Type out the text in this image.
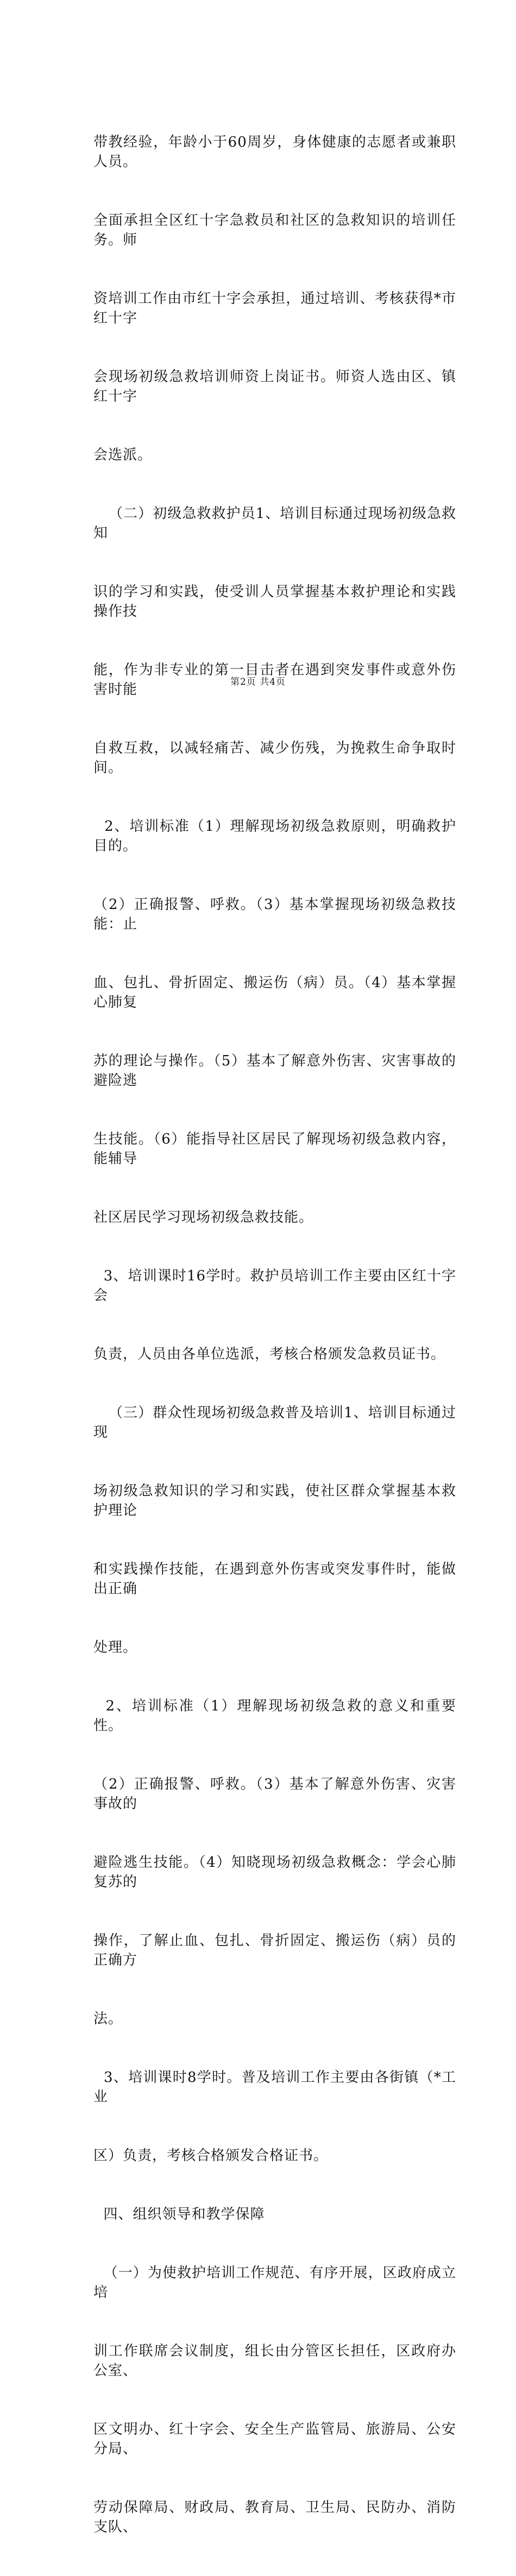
带教经验，年龄小于60周岁，身体健康的志愿者或兼职人员。

全面承担全区红十字急救员和社区的急救知识的培训任务。师

资培训工作由市红十字会承担，通过培训、考核获得*市红十字

会现场初级急救培训师资上岗证书。师资人选由区、镇红十字

会选派。

（二）初级急救救护员1、培训目标通过现场初级急救知

识的学习和实践，使受训人员掌握基本救护理论和实践操作技

能，作为非专业的第一目击者在遇到突发事件或意外伤害时能

自救互救，以减轻痛苦、减少伤残，为挽救生命争取时间。

2、培训标准（1）理解现场初级急救原则，明确救护目的。

（2）正确报警、呼救。（3）基本掌握现场初级急救技能：止

血、包扎、骨折固定、搬运伤（病）员。（4）基本掌握心肺复

苏的理论与操作。（5）基本了解意外伤害、灾害事故的避险逃

生技能。（6）能指导社区居民了解现场初级急救内容，能辅导

社区居民学习现场初级急救技能。

3、培训课时16学时。救护员培训工作主要由区红十字会

负责，人员由各单位选派，考核合格颁发急救员证书。

（三）群众性现场初级急救普及培训1、培训目标通过现

场初级急救知识的学习和实践，使社区群众掌握基本救护理论

和实践操作技能，在遇到意外伤害或突发事件时，能做出正确

处理。

2、培训标准（1）理解现场初级急救的意义和重要性。

（2）正确报警、呼救。（3）基本了解意外伤害、灾害事故的

避险逃生技能。（4）知晓现场初级急救概念：学会心肺复苏的

操作，了解止血、包扎、骨折固定、搬运伤（病）员的正确方

法。

3、培训课时8学时。普及培训工作主要由各街镇（*工业

区）负责，考核合格颁发合格证书。

四、组织领导和教学保障

（一）为使救护培训工作规范、有序开展，区政府成立培

训工作联席会议制度，组长由分管区长担任，区政府办公室、

区文明办、红十字会、安全生产监管局、旅游局、公安分局、

劳动保障局、财政局、教育局、卫生局、民防办、消防支队、

第2页 共4页
